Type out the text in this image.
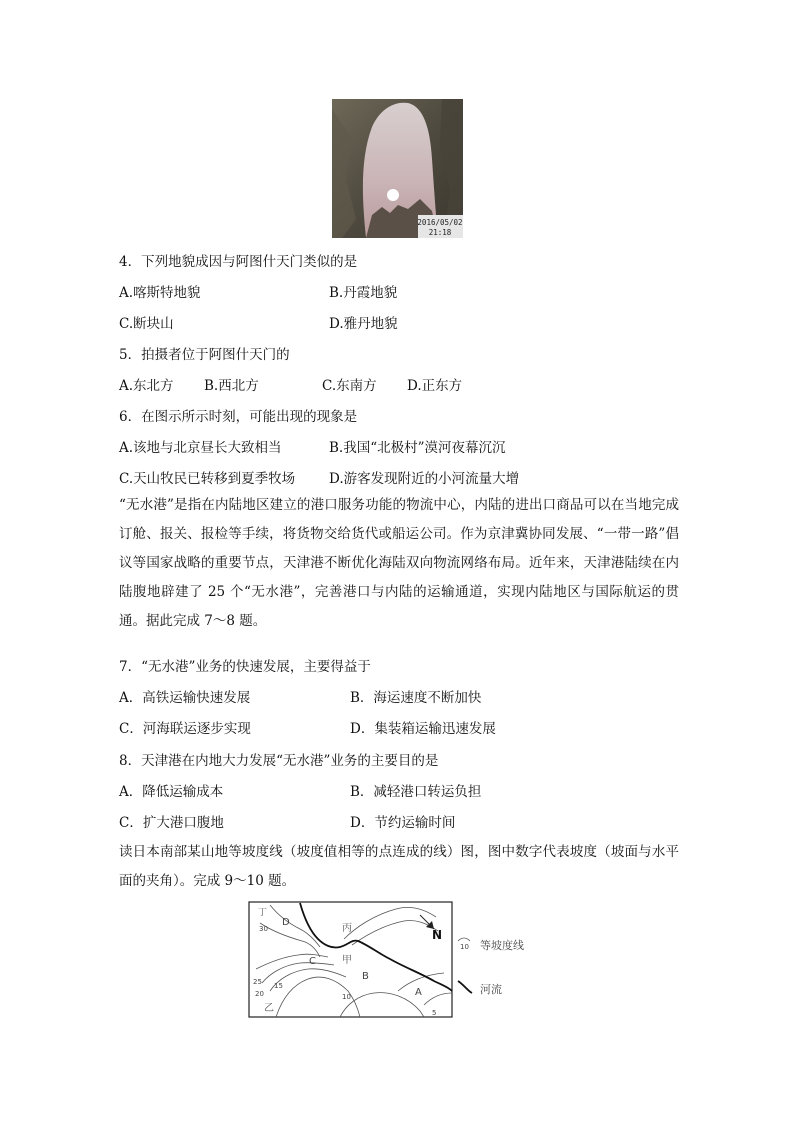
2016/05/02
21:18
4．下列地貌成因与阿图什天门类似的是
A.喀斯特地貌	B.丹霞地貌
C.断块山	D.雅丹地貌
5．拍摄者位于阿图什天门的
A.东北方 B.西北方	C.东南方 D.正东方
6．在图示所示时刻，可能出现的现象是
A.该地与北京昼长大致相当	B.我国“北极村”漠河夜幕沉沉
C.天山牧民已转移到夏季牧场	D.游客发现附近的小河流量大增
“无水港”是指在内陆地区建立的港口服务功能的物流中心，内陆的进出口商品可以在当地完成订舱、报关、报检等手续，将货物交给货代或船运公司。作为京津冀协同发展、“一带一路”倡议等国家战略的重要节点，天津港不断优化海陆双向物流网络布局。近年来，天津港陆续在内陆腹地辟建了 25 个“无水港”，完善港口与内陆的运输通道，实现内陆地区与国际航运的贯通。据此完成 7～8 题。
7．“无水港”业务的快速发展，主要得益于
A．高铁运输快速发展	B．海运速度不断加快
C．河海联运逐步实现	D．集装箱运输迅速发展
8．天津港在内地大力发展“无水港”业务的主要目的是
A．降低运输成本	B．减轻港口转运负担
C．扩大港口腹地	D．节约运输时间
读日本南部某山地等坡度线（坡度值相等的点连成的线）图，图中数字代表坡度（坡面与水平面的夹角）。完成 9～10 题。
丁
D
丙
C	甲
B
A
乙
30
25
20
15
10
5
N
10 等坡度线
河流
